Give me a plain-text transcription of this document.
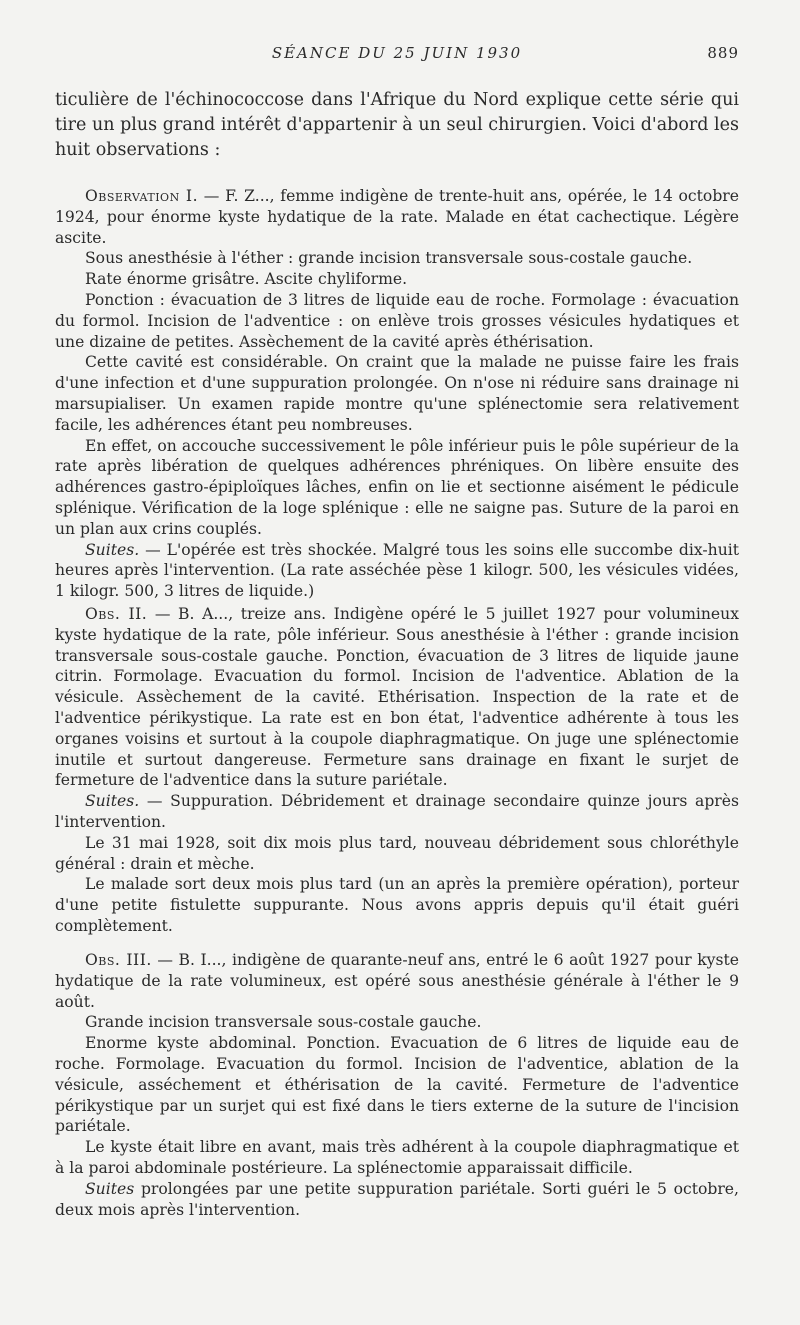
SÉANCE DU 25 JUIN 1930	889
ticulière de l'échinococcose dans l'Afrique du Nord explique cette série qui tire un plus grand intérêt d'appartenir à un seul chirurgien. Voici d'abord les huit observations :

Observation I. — F. Z..., femme indigène de trente-huit ans, opérée, le 14 octobre 1924, pour énorme kyste hydatique de la rate. Malade en état cachectique. Légère ascite.

Sous anesthésie à l'éther : grande incision transversale sous-costale gauche.

Rate énorme grisâtre. Ascite chyliforme.

Ponction : évacuation de 3 litres de liquide eau de roche. Formolage : évacuation du formol. Incision de l'adventice : on enlève trois grosses vésicules hydatiques et une dizaine de petites. Assèchement de la cavité après éthérisation.

Cette cavité est considérable. On craint que la malade ne puisse faire les frais d'une infection et d'une suppuration prolongée. On n'ose ni réduire sans drainage ni marsupialiser. Un examen rapide montre qu'une splénectomie sera relativement facile, les adhérences étant peu nombreuses.

En effet, on accouche successivement le pôle inférieur puis le pôle supérieur de la rate après libération de quelques adhérences phréniques. On libère ensuite des adhérences gastro-épiploïques lâches, enfin on lie et sectionne aisément le pédicule splénique. Vérification de la loge splénique : elle ne saigne pas. Suture de la paroi en un plan aux crins couplés.

Suites. — L'opérée est très shockée. Malgré tous les soins elle succombe dix-huit heures après l'intervention. (La rate asséchée pèse 1 kilogr. 500, les vésicules vidées, 1 kilogr. 500, 3 litres de liquide.)

Obs. II. — B. A..., treize ans. Indigène opéré le 5 juillet 1927 pour volumineux kyste hydatique de la rate, pôle inférieur. Sous anesthésie à l'éther : grande incision transversale sous-costale gauche. Ponction, évacuation de 3 litres de liquide jaune citrin. Formolage. Evacuation du formol. Incision de l'adventice. Ablation de la vésicule. Assèchement de la cavité. Ethérisation. Inspection de la rate et de l'adventice périkystique. La rate est en bon état, l'adventice adhérente à tous les organes voisins et surtout à la coupole diaphragmatique. On juge une splénectomie inutile et surtout dangereuse. Fermeture sans drainage en fixant le surjet de fermeture de l'adventice dans la suture pariétale.

Suites. — Suppuration. Débridement et drainage secondaire quinze jours après l'intervention.

Le 31 mai 1928, soit dix mois plus tard, nouveau débridement sous chloréthyle général : drain et mèche.

Le malade sort deux mois plus tard (un an après la première opération), porteur d'une petite fistulette suppurante. Nous avons appris depuis qu'il était guéri complètement.

Obs. III. — B. I..., indigène de quarante-neuf ans, entré le 6 août 1927 pour kyste hydatique de la rate volumineux, est opéré sous anesthésie générale à l'éther le 9 août.

Grande incision transversale sous-costale gauche.

Enorme kyste abdominal. Ponction. Evacuation de 6 litres de liquide eau de roche. Formolage. Evacuation du formol. Incision de l'adventice, ablation de la vésicule, asséchement et éthérisation de la cavité. Fermeture de l'adventice périkystique par un surjet qui est fixé dans le tiers externe de la suture de l'incision pariétale.

Le kyste était libre en avant, mais très adhérent à la coupole diaphragmatique et à la paroi abdominale postérieure. La splénectomie apparaissait difficile.

Suites prolongées par une petite suppuration pariétale. Sorti guéri le 5 octobre, deux mois après l'intervention.
